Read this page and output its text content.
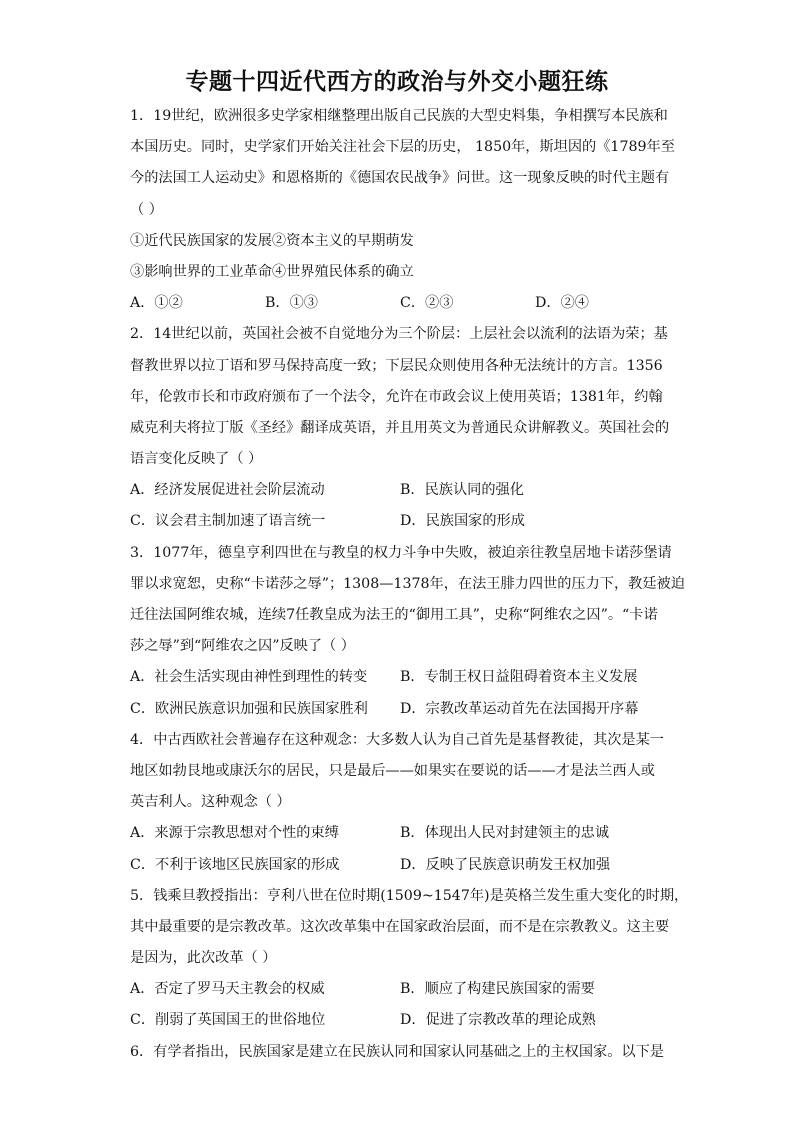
专题十四近代西方的政治与外交小题狂练
1．19世纪，欧洲很多史学家相继整理出版自己民族的大型史料集，争相撰写本民族和
本国历史。同时，史学家们开始关注社会下层的历史， 1850年，斯坦因的《1789年至
今的法国工人运动史》和恩格斯的《德国农民战争》问世。这一现象反映的时代主题有
（ ）
①近代民族国家的发展②资本主义的早期萌发
③影响世界的工业革命④世界殖民体系的确立
A．①②	B．①③	C．②③	D．②④
2．14世纪以前，英国社会被不自觉地分为三个阶层：上层社会以流利的法语为荣；基
督教世界以拉丁语和罗马保持高度一致；下层民众则使用各种无法统计的方言。1356
年，伦敦市长和市政府颁布了一个法令，允许在市政会议上使用英语；1381年，约翰
威克利夫将拉丁版《圣经》翻译成英语，并且用英文为普通民众讲解教义。英国社会的
语言变化反映了（ ）
A．经济发展促进社会阶层流动	B．民族认同的强化
C．议会君主制加速了语言统一	D．民族国家的形成
3．1077年，德皇亨利四世在与教皇的权力斗争中失败，被迫亲往教皇居地卡诺莎堡请
罪以求宽恕，史称“卡诺莎之辱”；1308—1378年，在法王腓力四世的压力下，教廷被迫
迁往法国阿维农城，连续7任教皇成为法王的“御用工具”，史称“阿维农之囚”。“卡诺
莎之辱”到“阿维农之囚”反映了（ ）
A．社会生活实现由神性到理性的转变	B．专制王权日益阻碍着资本主义发展
C．欧洲民族意识加强和民族国家胜利	D．宗教改革运动首先在法国揭开序幕
4．中古西欧社会普遍存在这种观念：大多数人认为自己首先是基督教徒，其次是某一
地区如勃艮地或康沃尔的居民，只是最后——如果实在要说的话——才是法兰西人或
英吉利人。这种观念（ ）
A．来源于宗教思想对个性的束缚	B．体现出人民对封建领主的忠诚
C．不利于该地区民族国家的形成	D．反映了民族意识萌发王权加强
5．钱乘旦教授指出：亨利八世在位时期(1509~1547年)是英格兰发生重大变化的时期，
其中最重要的是宗教改革。这次改革集中在国家政治层面，而不是在宗教教义。这主要
是因为，此次改革（ ）
A．否定了罗马天主教会的权威	B．顺应了构建民族国家的需要
C．削弱了英国国王的世俗地位	D．促进了宗教改革的理论成熟
6．有学者指出，民族国家是建立在民族认同和国家认同基础之上的主权国家。以下是
